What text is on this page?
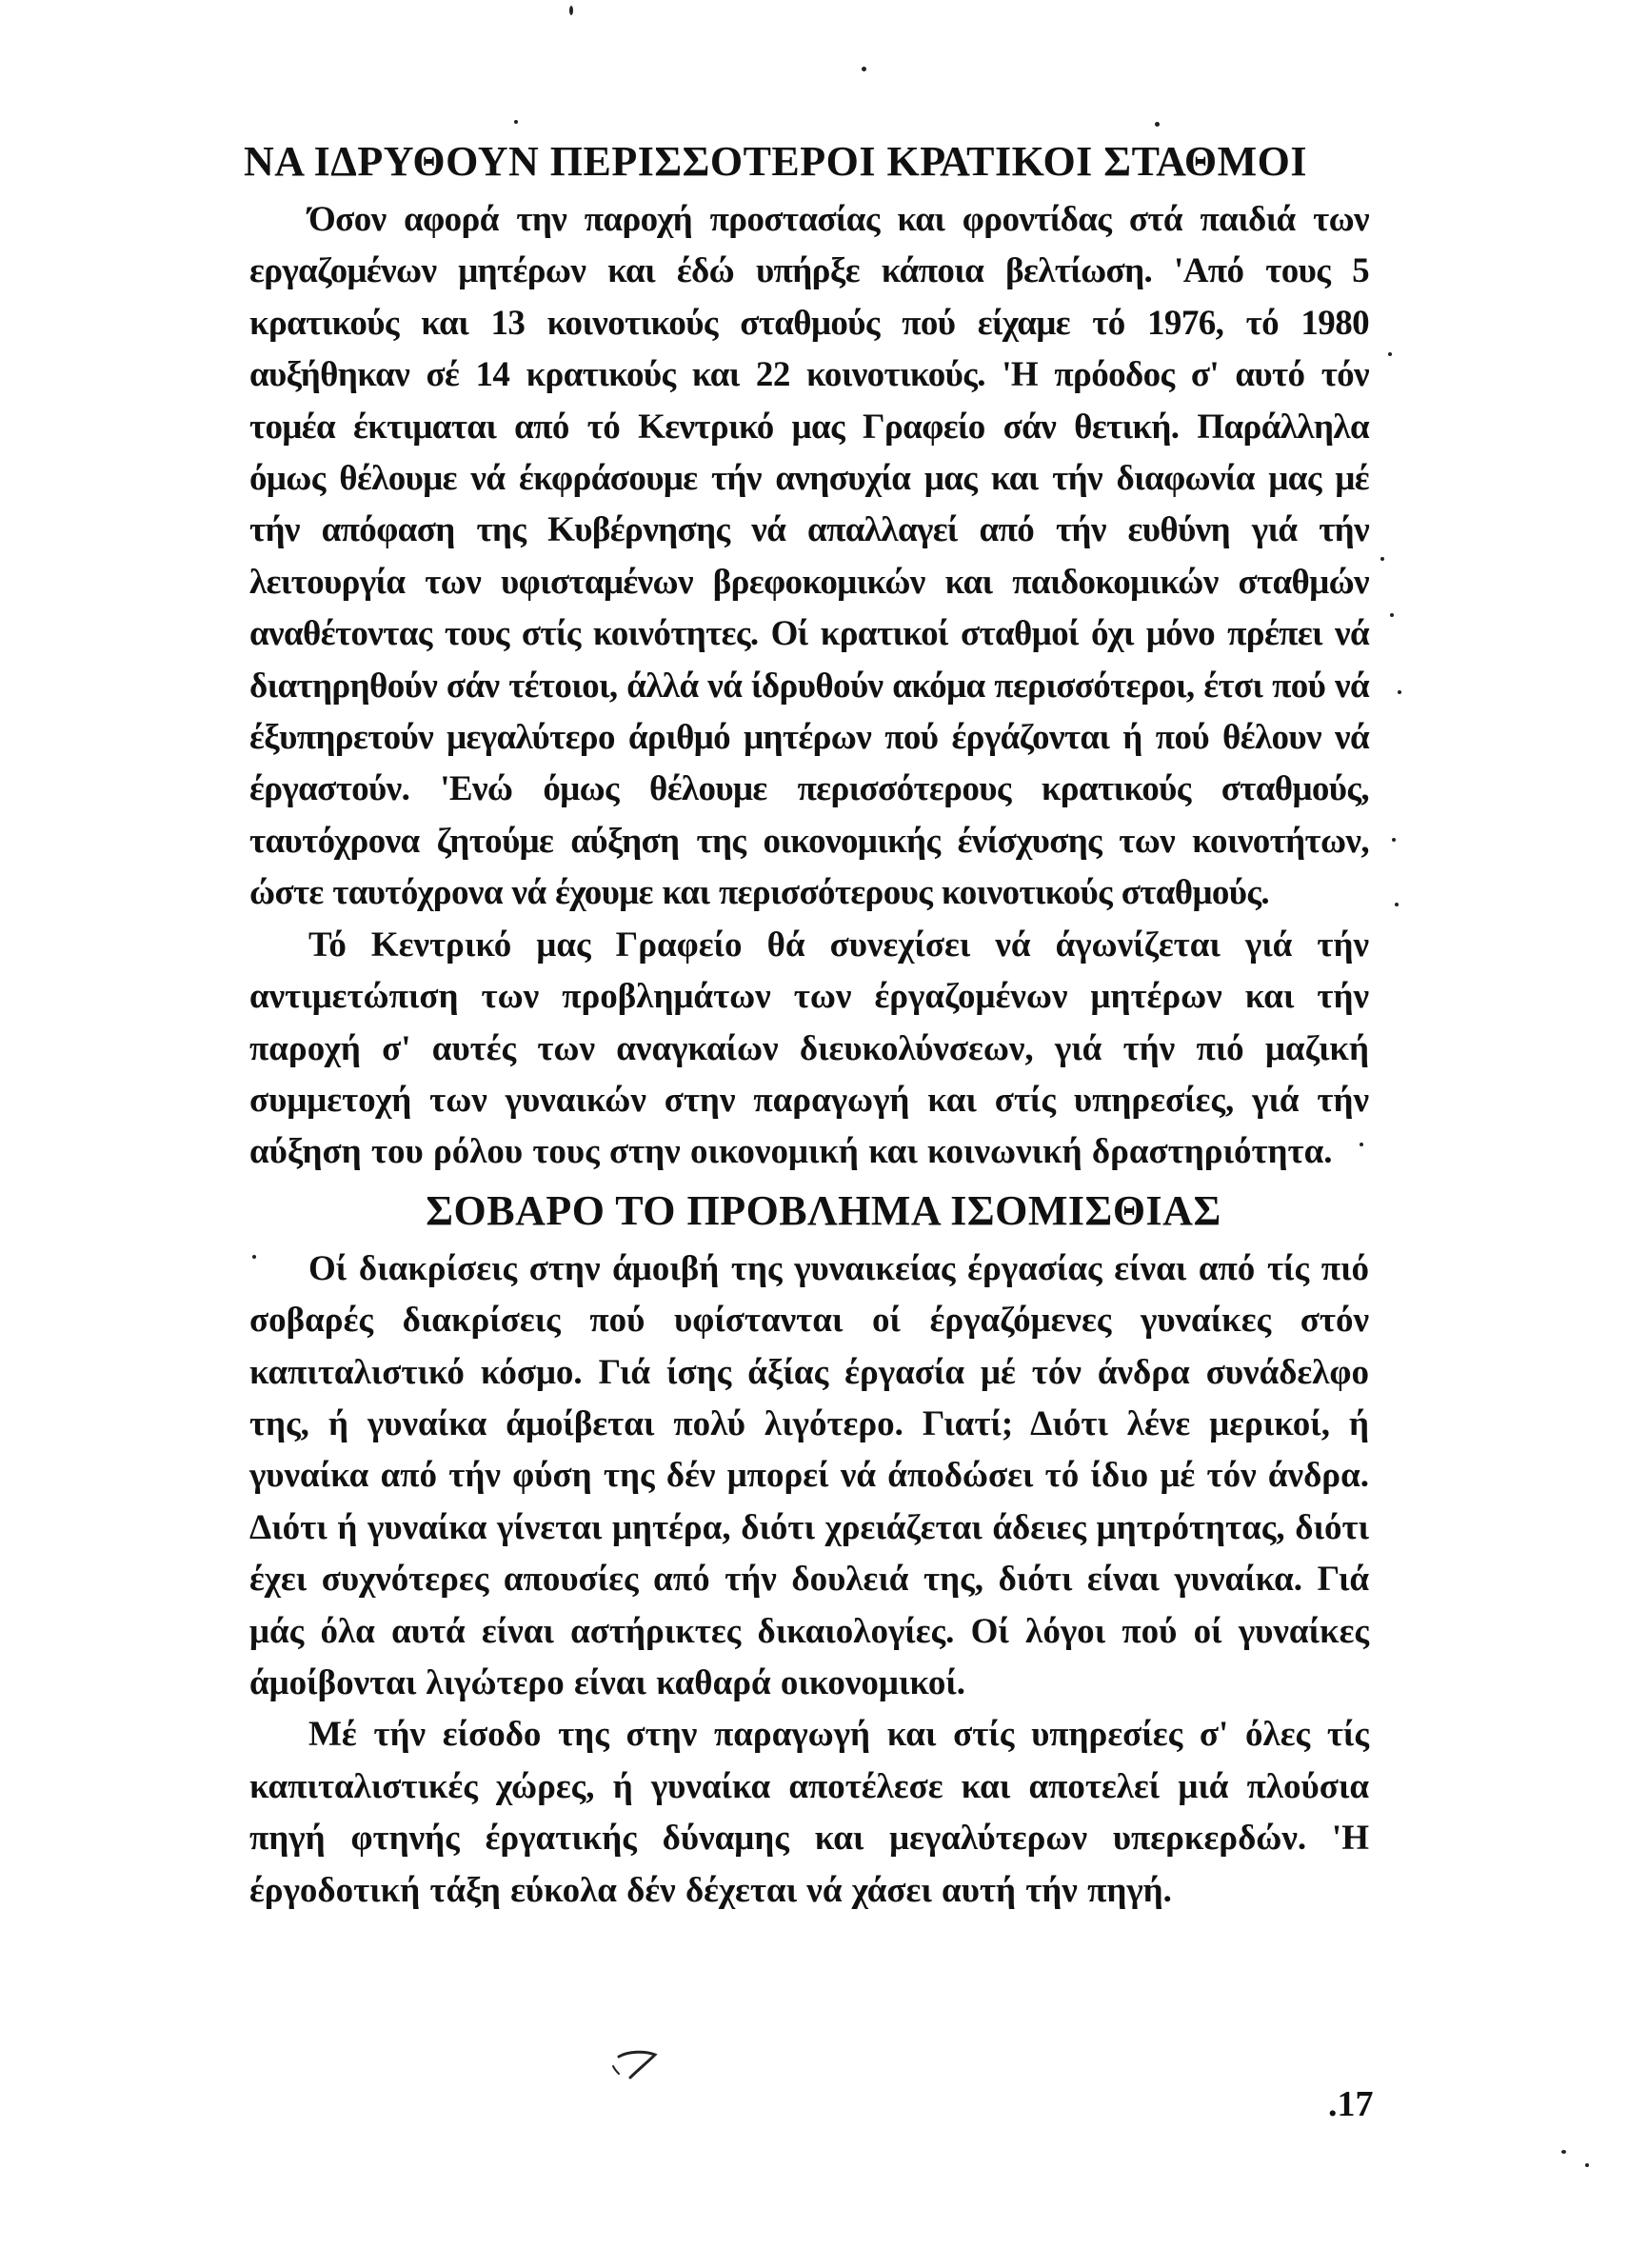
ΝΑ ΙΔΡΥΘΟΥΝ ΠΕΡΙΣΣΟΤΕΡΟΙ ΚΡΑΤΙΚΟΙ ΣΤΑΘΜΟΙ

Όσον αφορά την παροχή προστασίας και φροντίδας στά παιδιά των εργαζομένων μητέρων και έδώ υπήρξε κάποια βελτίωση. 'Από τους 5 κρατικούς και 13 κοινοτικούς σταθμούς πού είχαμε τό 1976, τό 1980 αυξήθηκαν σέ 14 κρατικούς και 22 κοινοτικούς. 'Η πρόοδος σ' αυτό τόν τομέα έκτιμαται από τό Κεντρικό μας Γραφείο σάν θετική. Παράλληλα όμως θέλουμε νά έκφράσουμε τήν ανησυχία μας και τήν διαφωνία μας μέ τήν απόφαση της Κυβέρνησης νά απαλλαγεί από τήν ευθύνη γιά τήν λειτουργία των υφισταμένων βρεφοκομικών και παιδοκομικών σταθμών αναθέτοντας τους στίς κοινότητες. Οί κρατικοί σταθμοί όχι μόνο πρέπει νά διατηρηθούν σάν τέτοιοι, άλλά νά ίδρυθούν ακόμα περισσότεροι, έτσι πού νά έξυπηρετούν μεγαλύτερο άριθμό μητέρων πού έργάζονται ή πού θέλουν νά έργαστούν. 'Ενώ όμως θέλουμε περισσότερους κρατικούς σταθμούς, ταυτόχρονα ζητούμε αύξηση της οικονομικής ένίσχυσης των κοινοτήτων, ώστε ταυτόχρονα νά έχουμε και περισσότερους κοινοτικούς σταθμούς.

Τό Κεντρικό μας Γραφείο θά συνεχίσει νά άγωνίζεται γιά τήν αντιμετώπιση των προβλημάτων των έργαζομένων μητέρων και τήν παροχή σ' αυτές των αναγκαίων διευκολύνσεων, γιά τήν πιό μαζική συμμετοχή των γυναικών στην παραγωγή και στίς υπηρεσίες, γιά τήν αύξηση του ρόλου τους στην οικονομική και κοινωνική δραστηριότητα.

ΣΟΒΑΡΟ ΤΟ ΠΡΟΒΛΗΜΑ ΙΣΟΜΙΣΘΙΑΣ

Οί διακρίσεις στην άμοιβή της γυναικείας έργασίας είναι από τίς πιό σοβαρές διακρίσεις πού υφίστανται οί έργαζόμενες γυναίκες στόν καπιταλιστικό κόσμο. Γιά ίσης άξίας έργασία μέ τόν άνδρα συνάδελφο της, ή γυναίκα άμοίβεται πολύ λιγότερο. Γιατί; Διότι λένε μερικοί, ή γυναίκα από τήν φύση της δέν μπορεί νά άποδώσει τό ίδιο μέ τόν άνδρα. Διότι ή γυναίκα γίνεται μητέρα, διότι χρειάζεται άδειες μητρότητας, διότι έχει συχνότερες απουσίες από τήν δουλειά της, διότι είναι γυναίκα. Γιά μάς όλα αυτά είναι αστήρικτες δικαιολογίες. Οί λόγοι πού οί γυναίκες άμοίβονται λιγώτερο είναι καθαρά οικονομικοί.

Μέ τήν είσοδο της στην παραγωγή και στίς υπηρεσίες σ' όλες τίς καπιταλιστικές χώρες, ή γυναίκα αποτέλεσε και αποτελεί μιά πλούσια πηγή φτηνής έργατικής δύναμης και μεγαλύτερων υπερκερδών. 'Η έργοδοτική τάξη εύκολα δέν δέχεται νά χάσει αυτή τήν πηγή.

.17
